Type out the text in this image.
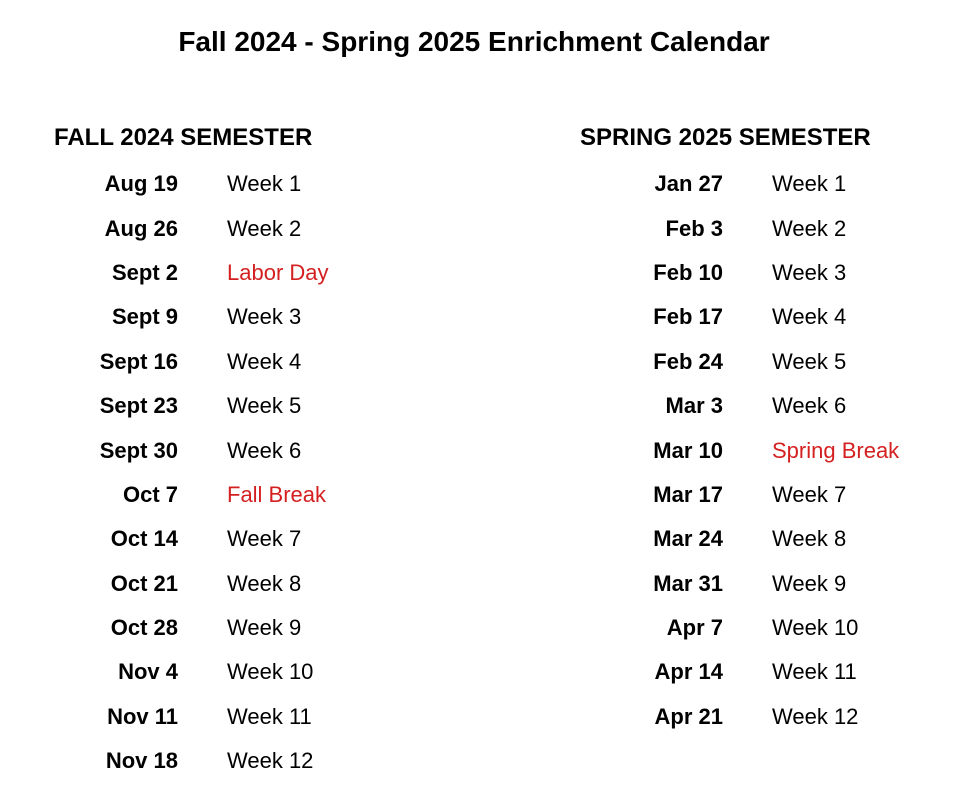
Fall 2024 - Spring 2025 Enrichment Calendar
FALL 2024 SEMESTER
Aug 19 Week 1
Aug 26 Week 2
Sept 2 Labor Day
Sept 9 Week 3
Sept 16 Week 4
Sept 23 Week 5
Sept 30 Week 6
Oct 7 Fall Break
Oct 14 Week 7
Oct 21 Week 8
Oct 28 Week 9
Nov 4 Week 10
Nov 11 Week 11
Nov 18 Week 12
SPRING 2025 SEMESTER
Jan 27 Week 1
Feb 3 Week 2
Feb 10 Week 3
Feb 17 Week 4
Feb 24 Week 5
Mar 3 Week 6
Mar 10 Spring Break
Mar 17 Week 7
Mar 24 Week 8
Mar 31 Week 9
Apr 7 Week 10
Apr 14 Week 11
Apr 21 Week 12
